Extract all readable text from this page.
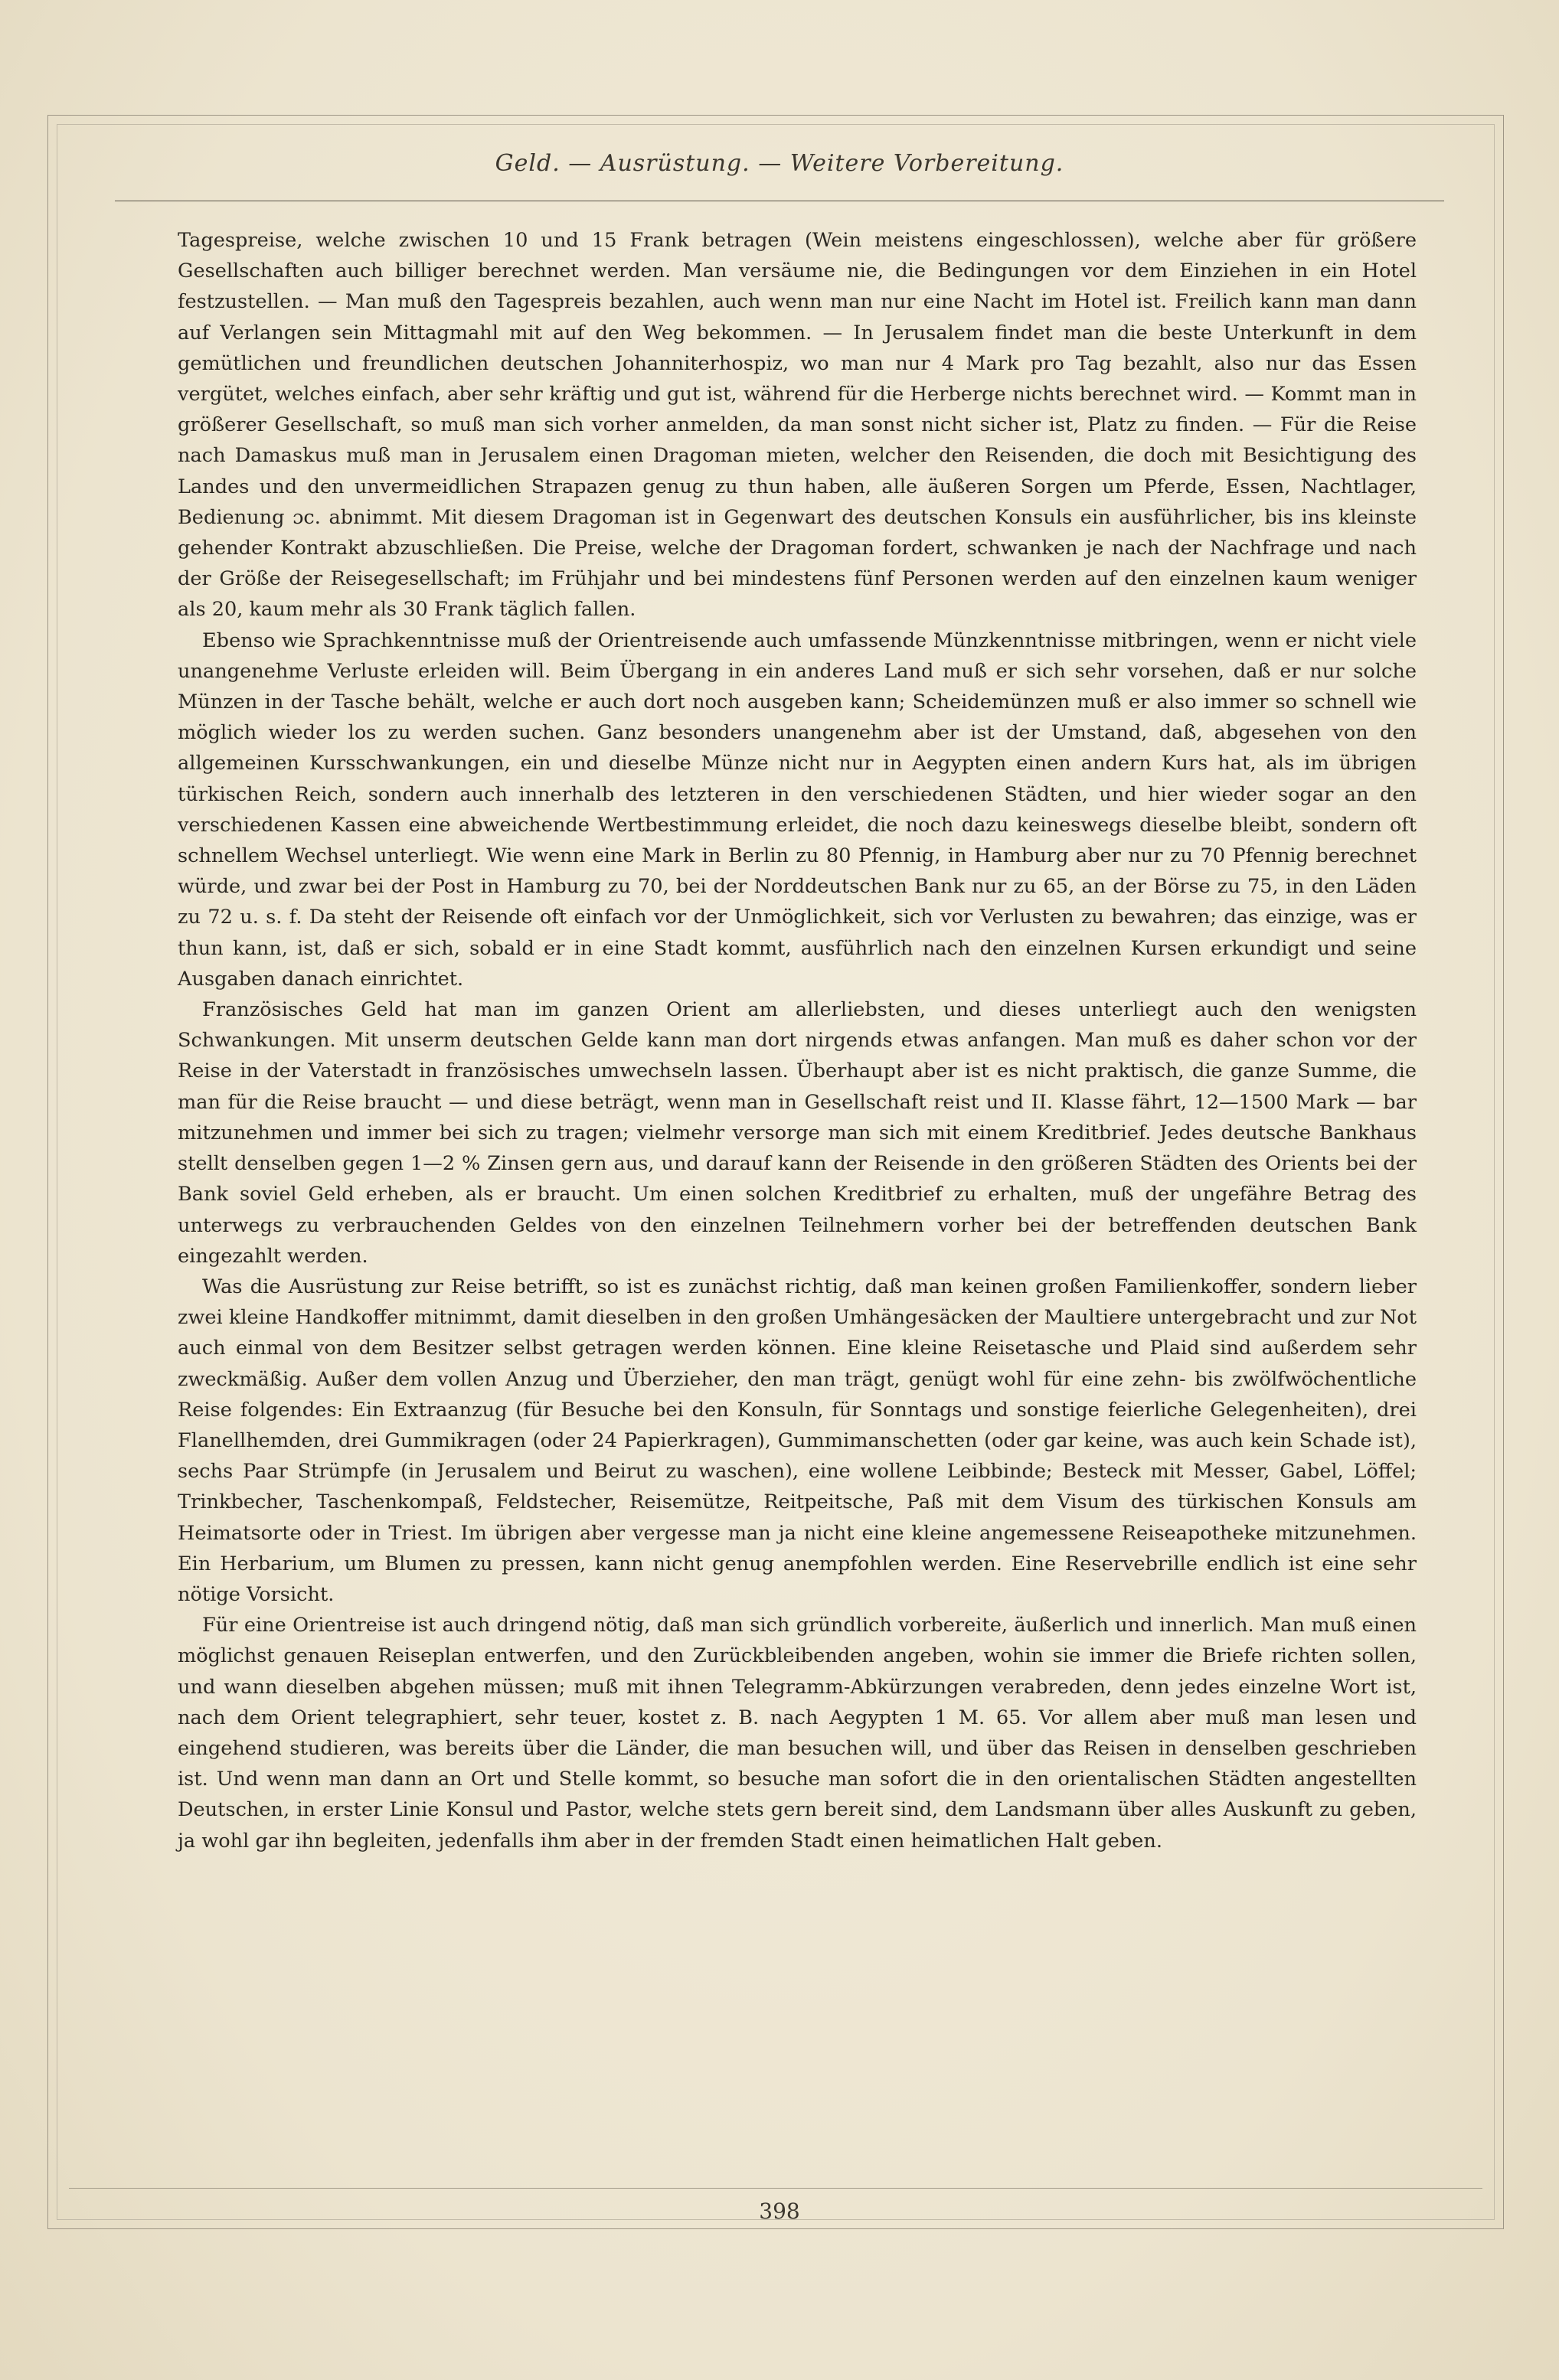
Geld. — Ausrüstung. — Weitere Vorbereitung.

Tagespreise, welche zwischen 10 und 15 Frank betragen (Wein meistens eingeschlossen), welche aber für größere Gesellschaften auch billiger berechnet werden. Man versäume nie, die Bedingungen vor dem Einziehen in ein Hotel festzustellen. — Man muß den Tagespreis bezahlen, auch wenn man nur eine Nacht im Hotel ist. Freilich kann man dann auf Verlangen sein Mittagmahl mit auf den Weg bekommen. — In Jerusalem findet man die beste Unterkunft in dem gemütlichen und freundlichen deutschen Johanniterhospiz, wo man nur 4 Mark pro Tag bezahlt, also nur das Essen vergütet, welches einfach, aber sehr kräftig und gut ist, während für die Herberge nichts berechnet wird. — Kommt man in größerer Gesellschaft, so muß man sich vorher anmelden, da man sonst nicht sicher ist, Platz zu finden. — Für die Reise nach Damaskus muß man in Jerusalem einen Dragoman mieten, welcher den Reisenden, die doch mit Besichtigung des Landes und den unvermeidlichen Strapazen genug zu thun haben, alle äußeren Sorgen um Pferde, Essen, Nachtlager, Bedienung ɔc. abnimmt. Mit diesem Dragoman ist in Gegenwart des deutschen Konsuls ein ausführlicher, bis ins kleinste gehender Kontrakt abzuschließen. Die Preise, welche der Dragoman fordert, schwanken je nach der Nachfrage und nach der Größe der Reisegesellschaft; im Frühjahr und bei mindestens fünf Personen werden auf den einzelnen kaum weniger als 20, kaum mehr als 30 Frank täglich fallen.

Ebenso wie Sprachkenntnisse muß der Orientreisende auch umfassende Münzkenntnisse mitbringen, wenn er nicht viele unangenehme Verluste erleiden will. Beim Übergang in ein anderes Land muß er sich sehr vorsehen, daß er nur solche Münzen in der Tasche behält, welche er auch dort noch ausgeben kann; Scheidemünzen muß er also immer so schnell wie möglich wieder los zu werden suchen. Ganz besonders unangenehm aber ist der Umstand, daß, abgesehen von den allgemeinen Kursschwankungen, ein und dieselbe Münze nicht nur in Aegypten einen andern Kurs hat, als im übrigen türkischen Reich, sondern auch innerhalb des letzteren in den verschiedenen Städten, und hier wieder sogar an den verschiedenen Kassen eine abweichende Wertbestimmung erleidet, die noch dazu keineswegs dieselbe bleibt, sondern oft schnellem Wechsel unterliegt. Wie wenn eine Mark in Berlin zu 80 Pfennig, in Hamburg aber nur zu 70 Pfennig berechnet würde, und zwar bei der Post in Hamburg zu 70, bei der Norddeutschen Bank nur zu 65, an der Börse zu 75, in den Läden zu 72 u. s. f. Da steht der Reisende oft einfach vor der Unmöglichkeit, sich vor Verlusten zu bewahren; das einzige, was er thun kann, ist, daß er sich, sobald er in eine Stadt kommt, ausführlich nach den einzelnen Kursen erkundigt und seine Ausgaben danach einrichtet.

Französisches Geld hat man im ganzen Orient am allerliebsten, und dieses unterliegt auch den wenigsten Schwankungen. Mit unserm deutschen Gelde kann man dort nirgends etwas anfangen. Man muß es daher schon vor der Reise in der Vaterstadt in französisches umwechseln lassen. Überhaupt aber ist es nicht praktisch, die ganze Summe, die man für die Reise braucht — und diese beträgt, wenn man in Gesellschaft reist und II. Klasse fährt, 12—1500 Mark — bar mitzunehmen und immer bei sich zu tragen; vielmehr versorge man sich mit einem Kreditbrief. Jedes deutsche Bankhaus stellt denselben gegen 1—2 % Zinsen gern aus, und darauf kann der Reisende in den größeren Städten des Orients bei der Bank soviel Geld erheben, als er braucht. Um einen solchen Kreditbrief zu erhalten, muß der ungefähre Betrag des unterwegs zu verbrauchenden Geldes von den einzelnen Teilnehmern vorher bei der betreffenden deutschen Bank eingezahlt werden.

Was die Ausrüstung zur Reise betrifft, so ist es zunächst richtig, daß man keinen großen Familienkoffer, sondern lieber zwei kleine Handkoffer mitnimmt, damit dieselben in den großen Umhängesäcken der Maultiere untergebracht und zur Not auch einmal von dem Besitzer selbst getragen werden können. Eine kleine Reisetasche und Plaid sind außerdem sehr zweckmäßig. Außer dem vollen Anzug und Überzieher, den man trägt, genügt wohl für eine zehn- bis zwölfwöchentliche Reise folgendes: Ein Extraanzug (für Besuche bei den Konsuln, für Sonntags und sonstige feierliche Gelegenheiten), drei Flanellhemden, drei Gummikragen (oder 24 Papierkragen), Gummimanschetten (oder gar keine, was auch kein Schade ist), sechs Paar Strümpfe (in Jerusalem und Beirut zu waschen), eine wollene Leibbinde; Besteck mit Messer, Gabel, Löffel; Trinkbecher, Taschenkompaß, Feldstecher, Reisemütze, Reitpeitsche, Paß mit dem Visum des türkischen Konsuls am Heimatsorte oder in Triest. Im übrigen aber vergesse man ja nicht eine kleine angemessene Reiseapotheke mitzunehmen. Ein Herbarium, um Blumen zu pressen, kann nicht genug anempfohlen werden. Eine Reservebrille endlich ist eine sehr nötige Vorsicht.

Für eine Orientreise ist auch dringend nötig, daß man sich gründlich vorbereite, äußerlich und innerlich. Man muß einen möglichst genauen Reiseplan entwerfen, und den Zurückbleibenden angeben, wohin sie immer die Briefe richten sollen, und wann dieselben abgehen müssen; muß mit ihnen Telegramm-Abkürzungen verabreden, denn jedes einzelne Wort ist, nach dem Orient telegraphiert, sehr teuer, kostet z. B. nach Aegypten 1 M. 65. Vor allem aber muß man lesen und eingehend studieren, was bereits über die Länder, die man besuchen will, und über das Reisen in denselben geschrieben ist. Und wenn man dann an Ort und Stelle kommt, so besuche man sofort die in den orientalischen Städten angestellten Deutschen, in erster Linie Konsul und Pastor, welche stets gern bereit sind, dem Landsmann über alles Auskunft zu geben, ja wohl gar ihn begleiten, jedenfalls ihm aber in der fremden Stadt einen heimatlichen Halt geben.

398
